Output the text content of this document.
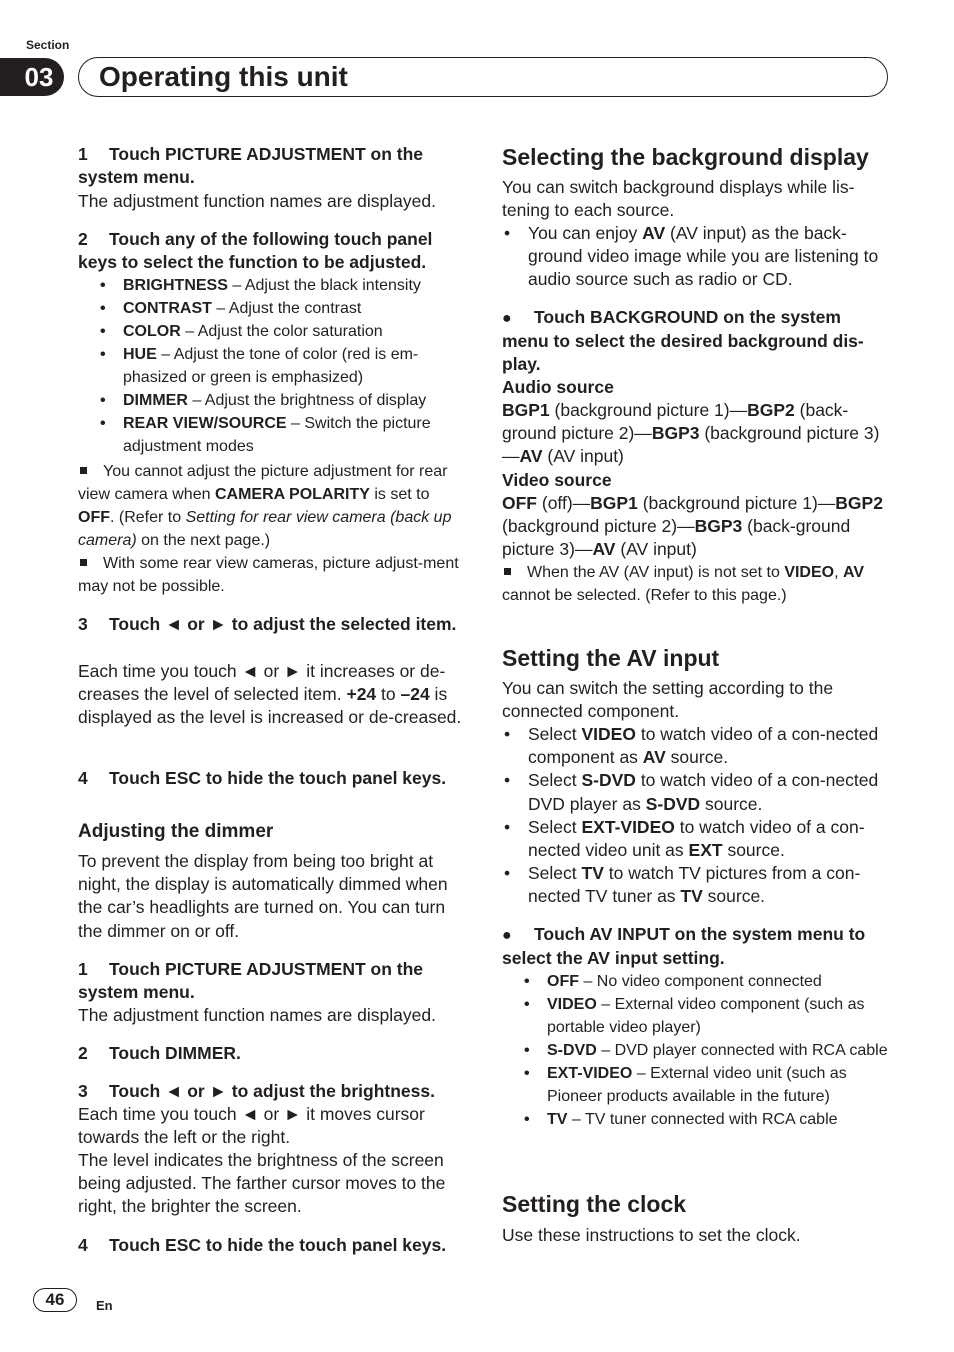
Section
03	Operating this unit

1 Touch PICTURE ADJUSTMENT on the system menu.

The adjustment function names are displayed.

2 Touch any of the following touch panel keys to select the function to be adjusted.

• BRIGHTNESS – Adjust the black intensity
• CONTRAST – Adjust the contrast
• COLOR – Adjust the color saturation
• HUE – Adjust the tone of color (red is em-phasized or green is emphasized)
• DIMMER – Adjust the brightness of display
• REAR VIEW/SOURCE – Switch the picture adjustment modes

You cannot adjust the picture adjustment for rear view camera when CAMERA POLARITY is set to OFF. (Refer to Setting for rear view camera (back up camera) on the next page.)

With some rear view cameras, picture adjust-ment may not be possible.

3 Touch ◄ or ► to adjust the selected item.

Each time you touch ◄ or ► it increases or de-creases the level of selected item. +24 to –24 is displayed as the level is increased or de-creased.

4 Touch ESC to hide the touch panel keys.

Adjusting the dimmer

To prevent the display from being too bright at night, the display is automatically dimmed when the car’s headlights are turned on. You can turn the dimmer on or off.

1 Touch PICTURE ADJUSTMENT on the system menu.

The adjustment function names are displayed.

2 Touch DIMMER.

3 Touch ◄ or ► to adjust the brightness.

Each time you touch ◄ or ► it moves cursor towards the left or the right.

The level indicates the brightness of the screen being adjusted. The farther cursor moves to the right, the brighter the screen.

4 Touch ESC to hide the touch panel keys.

Selecting the background display

You can switch background displays while lis-tening to each source.

• You can enjoy AV (AV input) as the back-ground video image while you are listening to audio source such as radio or CD.

● Touch BACKGROUND on the system menu to select the desired background dis-play.

Audio source

BGP1 (background picture 1)—BGP2 (back-ground picture 2)—BGP3 (background picture 3)—AV (AV input)

Video source

OFF (off)—BGP1 (background picture 1)—BGP2 (background picture 2)—BGP3 (back-ground picture 3)—AV (AV input)

When the AV (AV input) is not set to VIDEO, AV cannot be selected. (Refer to this page.)

Setting the AV input

You can switch the setting according to the connected component.

• Select VIDEO to watch video of a con-nected component as AV source.
• Select S-DVD to watch video of a con-nected DVD player as S-DVD source.
• Select EXT-VIDEO to watch video of a con-nected video unit as EXT source.
• Select TV to watch TV pictures from a con-nected TV tuner as TV source.

● Touch AV INPUT on the system menu to select the AV input setting.

• OFF – No video component connected
• VIDEO – External video component (such as portable video player)
• S-DVD – DVD player connected with RCA cable
• EXT-VIDEO – External video unit (such as Pioneer products available in the future)
• TV – TV tuner connected with RCA cable

Setting the clock

Use these instructions to set the clock.

46	En
